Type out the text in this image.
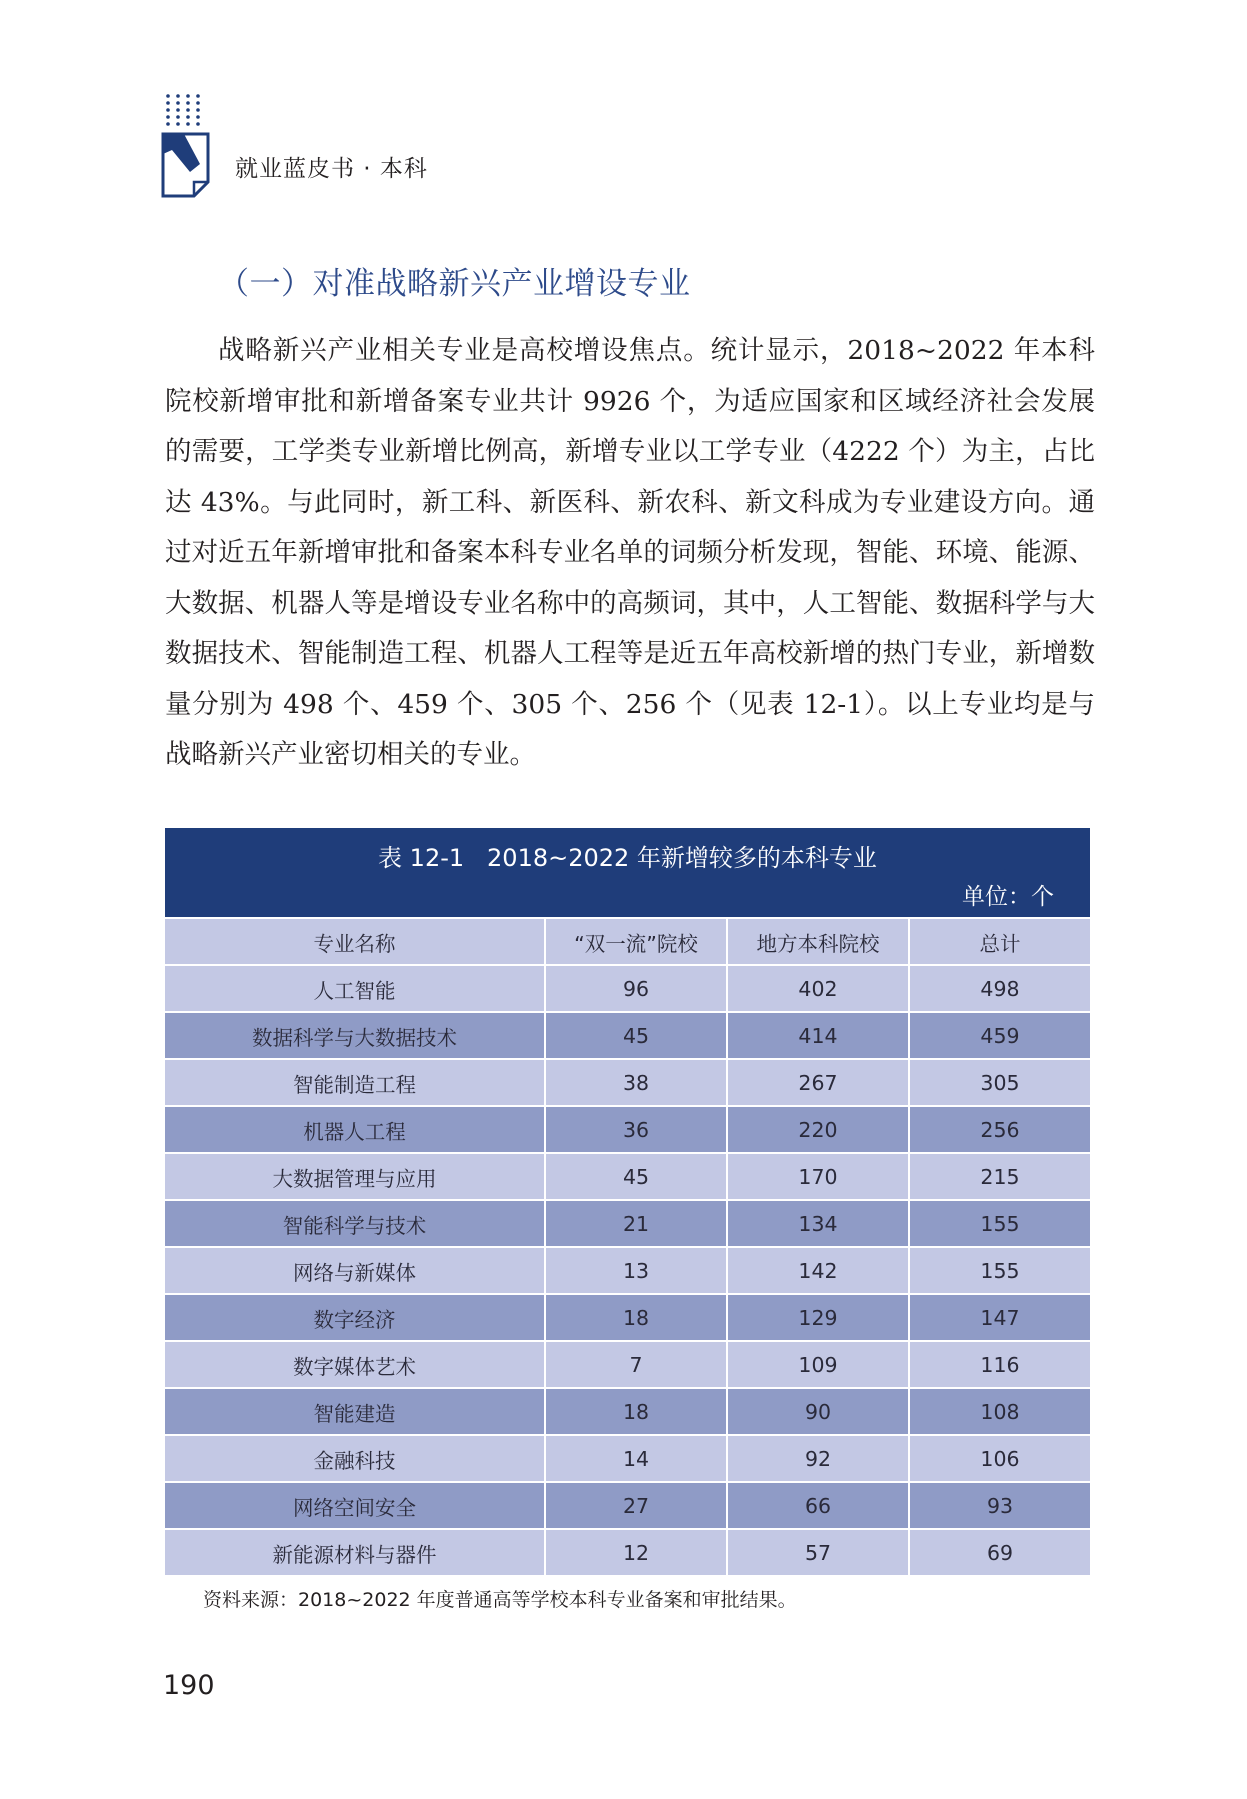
就业蓝皮书 · 本科
（一）对准战略新兴产业增设专业

战略新兴产业相关专业是高校增设焦点。统计显示，2018~2022 年本科院校新增审批和新增备案专业共计 9926 个，为适应国家和区域经济社会发展的需要，工学类专业新增比例高，新增专业以工学专业（4222 个）为主，占比达 43%。与此同时，新工科、新医科、新农科、新文科成为专业建设方向。通过对近五年新增审批和备案本科专业名单的词频分析发现，智能、环境、能源、大数据、机器人等是增设专业名称中的高频词，其中，人工智能、数据科学与大数据技术、智能制造工程、机器人工程等是近五年高校新增的热门专业，新增数量分别为 498 个、459 个、305 个、256 个（见表 12-1）。以上专业均是与战略新兴产业密切相关的专业。

表 12-1   2018~2022 年新增较多的本科专业
单位：个
专业名称	“双一流”院校	地方本科院校	总计
人工智能	96	402	498
数据科学与大数据技术	45	414	459
智能制造工程	38	267	305
机器人工程	36	220	256
大数据管理与应用	45	170	215
智能科学与技术	21	134	155
网络与新媒体	13	142	155
数字经济	18	129	147
数字媒体艺术	7	109	116
智能建造	18	90	108
金融科技	14	92	106
网络空间安全	27	66	93
新能源材料与器件	12	57	69
资料来源：2018~2022 年度普通高等学校本科专业备案和审批结果。
190
